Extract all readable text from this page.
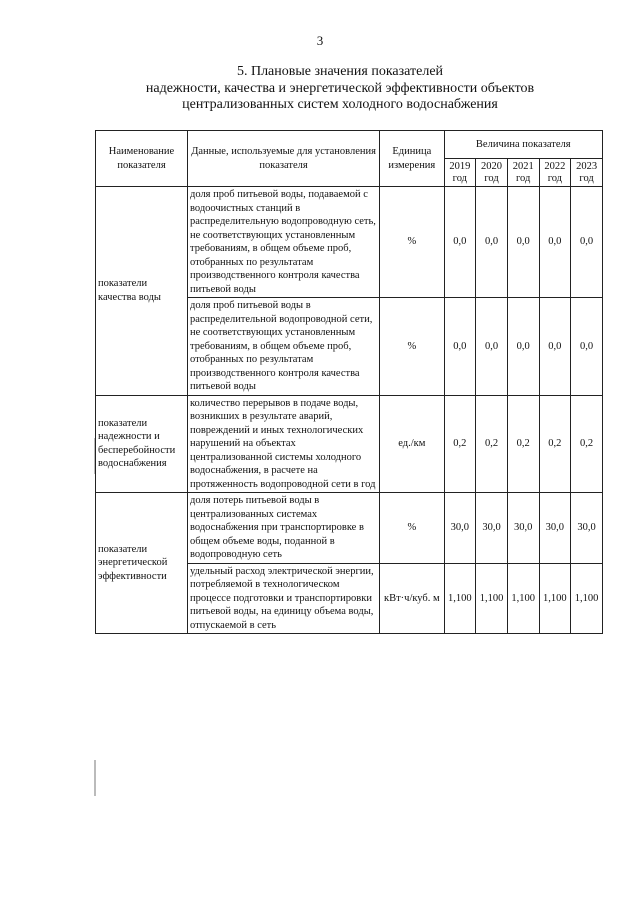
3
5. Плановые значения показателей
надежности, качества и энергетической эффективности объектов
централизованных систем холодного водоснабжения
Наименование показателя	Данные, используемые для установления показателя	Единица измерения	Величина показателя				
			2019 год	2020 год	2021 год	2022 год	2023 год
показатели качества воды	доля проб питьевой воды, подаваемой с водоочистных станций в распределительную водопроводную сеть, не соответствующих установленным требованиям, в общем объеме проб, отобранных по результатам производственного контроля качества питьевой воды	%	0,0	0,0	0,0	0,0	0,0
	доля проб питьевой воды в распределительной водопроводной сети, не соответствующих установленным требованиям, в общем объеме проб, отобранных по результатам производственного контроля качества питьевой воды	%	0,0	0,0	0,0	0,0	0,0
показатели надежности и бесперебойности водоснабжения	количество перерывов в подаче воды, возникших в результате аварий, повреждений и иных технологических нарушений на объектах централизованной системы холодного водоснабжения, в расчете на протяженность водопроводной сети в год	ед./км	0,2	0,2	0,2	0,2	0,2
показатели энергетической эффективности	доля потерь питьевой воды в централизованных системах водоснабжения при транспортировке в общем объеме воды, поданной в водопроводную сеть	%	30,0	30,0	30,0	30,0	30,0
	удельный расход электрической энергии, потребляемой в технологическом процессе подготовки и транспортировки питьевой воды, на единицу объема воды, отпускаемой в сеть	кВт·ч/куб. м	1,100	1,100	1,100	1,100	1,100
